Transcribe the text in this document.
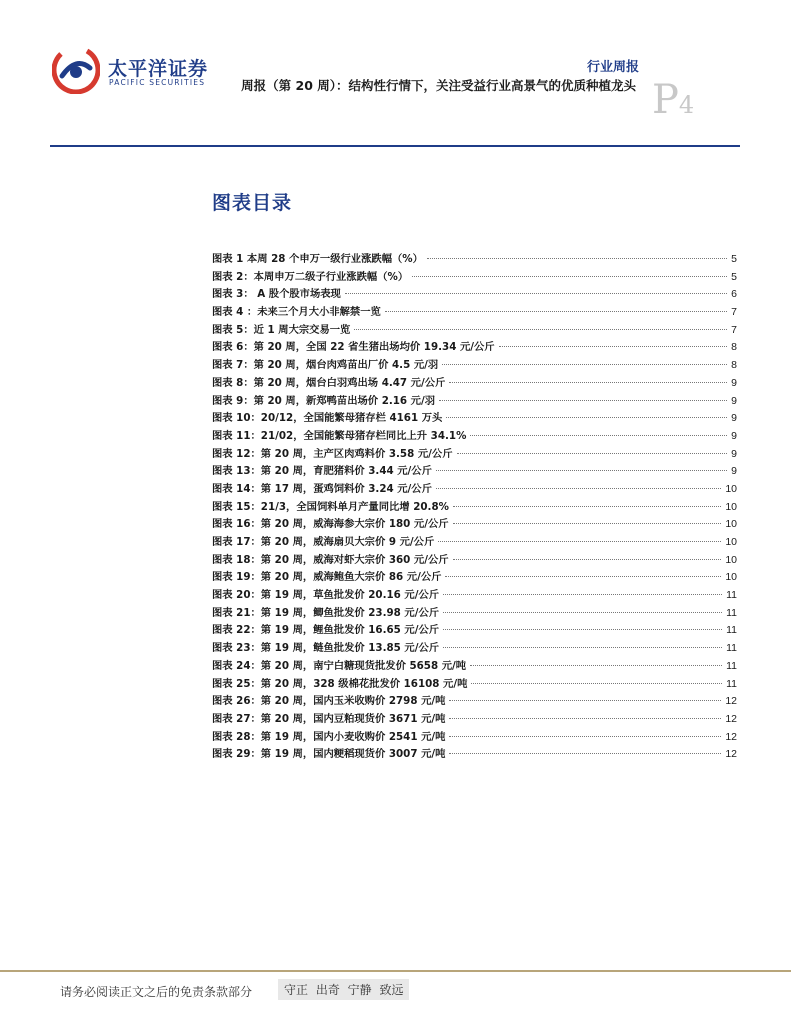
太平洋证券
PACIFIC SECURITIES
行业周报
周报（第 20 周）：结构性行情下，关注受益行业高景气的优质种植龙头 P4
图表目录
图表 1 本周 28 个申万一级行业涨跌幅（%）	5
图表 2：本周申万二级子行业涨跌幅（%）	5
图表 3： A 股个股市场表现	6
图表 4 ：未来三个月大小非解禁一览	7
图表 5：近 1 周大宗交易一览	7
图表 6：第 20 周，全国 22 省生猪出场均价 19.34 元/公斤	8
图表 7：第 20 周，烟台肉鸡苗出厂价 4.5 元/羽	8
图表 8：第 20 周，烟台白羽鸡出场 4.47 元/公斤	9
图表 9：第 20 周，新郑鸭苗出场价 2.16 元/羽	9
图表 10：20/12，全国能繁母猪存栏 4161 万头	9
图表 11：21/02，全国能繁母猪存栏同比上升 34.1%	9
图表 12：第 20 周，主产区肉鸡料价 3.58 元/公斤	9
图表 13：第 20 周，育肥猪料价 3.44 元/公斤	9
图表 14：第 17 周，蛋鸡饲料价 3.24 元/公斤	10
图表 15：21/3，全国饲料单月产量同比增 20.8%	10
图表 16：第 20 周，威海海参大宗价 180 元/公斤	10
图表 17：第 20 周，威海扇贝大宗价 9 元/公斤	10
图表 18：第 20 周，威海对虾大宗价 360 元/公斤	10
图表 19：第 20 周，威海鲍鱼大宗价 86 元/公斤	10
图表 20：第 19 周，草鱼批发价 20.16 元/公斤	11
图表 21：第 19 周，鲫鱼批发价 23.98 元/公斤	11
图表 22：第 19 周，鲤鱼批发价 16.65 元/公斤	11
图表 23：第 19 周，鲢鱼批发价 13.85 元/公斤	11
图表 24：第 20 周，南宁白糖现货批发价 5658 元/吨	11
图表 25：第 20 周，328 级棉花批发价 16108 元/吨	11
图表 26：第 20 周，国内玉米收购价 2798 元/吨	12
图表 27：第 20 周，国内豆粕现货价 3671 元/吨	12
图表 28：第 19 周，国内小麦收购价 2541 元/吨	12
图表 29：第 19 周，国内粳稻现货价 3007 元/吨	12
请务必阅读正文之后的免责条款部分	守正 出奇 宁静 致远
